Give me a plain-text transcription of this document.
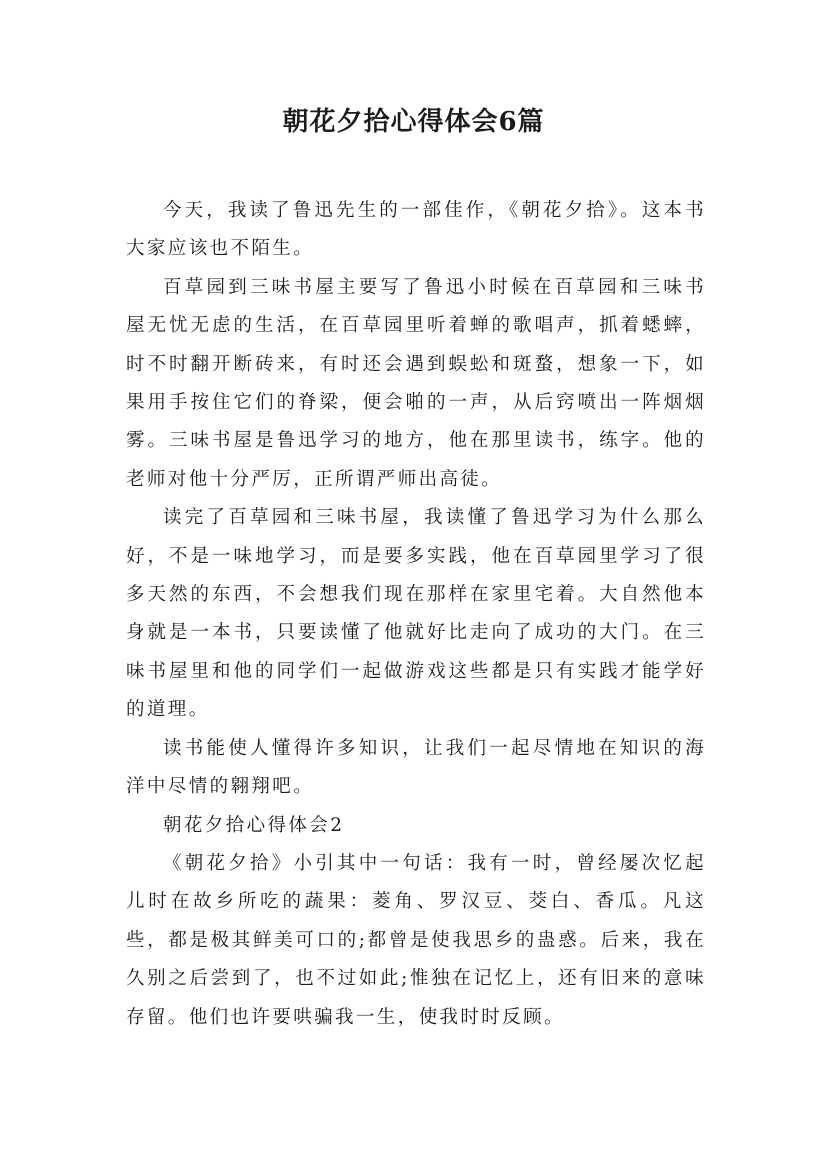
朝花夕拾心得体会6篇

今天，我读了鲁迅先生的一部佳作，《朝花夕拾》。这本书大家应该也不陌生。

百草园到三味书屋主要写了鲁迅小时候在百草园和三味书屋无忧无虑的生活，在百草园里听着蝉的歌唱声，抓着蟋蟀，时不时翻开断砖来，有时还会遇到蜈蚣和斑蝥，想象一下，如果用手按住它们的脊梁，便会啪的一声，从后窍喷出一阵烟烟雾。三味书屋是鲁迅学习的地方，他在那里读书，练字。他的老师对他十分严厉，正所谓严师出高徒。

读完了百草园和三味书屋，我读懂了鲁迅学习为什么那么好，不是一味地学习，而是要多实践，他在百草园里学习了很多天然的东西，不会想我们现在那样在家里宅着。大自然他本身就是一本书，只要读懂了他就好比走向了成功的大门。在三味书屋里和他的同学们一起做游戏这些都是只有实践才能学好的道理。

读书能使人懂得许多知识，让我们一起尽情地在知识的海洋中尽情的翱翔吧。

朝花夕拾心得体会2

《朝花夕拾》小引其中一句话：我有一时，曾经屡次忆起儿时在故乡所吃的蔬果：菱角、罗汉豆、茭白、香瓜。凡这些，都是极其鲜美可口的;都曾是使我思乡的蛊惑。后来，我在久别之后尝到了，也不过如此;惟独在记忆上，还有旧来的意味存留。他们也许要哄骗我一生，使我时时反顾。
